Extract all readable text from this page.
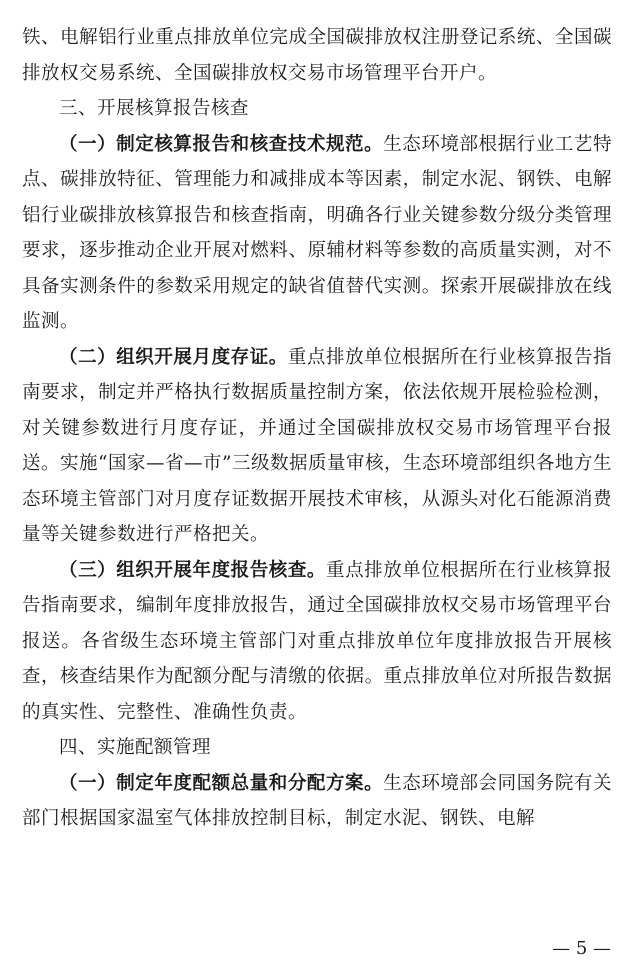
铁、电解铝行业重点排放单位完成全国碳排放权注册登记系统、全国碳排放权交易系统、全国碳排放权交易市场管理平台开户。

三、开展核算报告核查

（一）制定核算报告和核查技术规范。生态环境部根据行业工艺特点、碳排放特征、管理能力和减排成本等因素，制定水泥、钢铁、电解铝行业碳排放核算报告和核查指南，明确各行业关键参数分级分类管理要求，逐步推动企业开展对燃料、原辅材料等参数的高质量实测，对不具备实测条件的参数采用规定的缺省值替代实测。探索开展碳排放在线监测。

（二）组织开展月度存证。重点排放单位根据所在行业核算报告指南要求，制定并严格执行数据质量控制方案，依法依规开展检验检测，对关键参数进行月度存证，并通过全国碳排放权交易市场管理平台报送。实施“国家—省—市”三级数据质量审核，生态环境部组织各地方生态环境主管部门对月度存证数据开展技术审核，从源头对化石能源消费量等关键参数进行严格把关。

（三）组织开展年度报告核查。重点排放单位根据所在行业核算报告指南要求，编制年度排放报告，通过全国碳排放权交易市场管理平台报送。各省级生态环境主管部门对重点排放单位年度排放报告开展核查，核查结果作为配额分配与清缴的依据。重点排放单位对所报告数据的真实性、完整性、准确性负责。

四、实施配额管理

（一）制定年度配额总量和分配方案。生态环境部会同国务院有关部门根据国家温室气体排放控制目标，制定水泥、钢铁、电解

— 5 —
